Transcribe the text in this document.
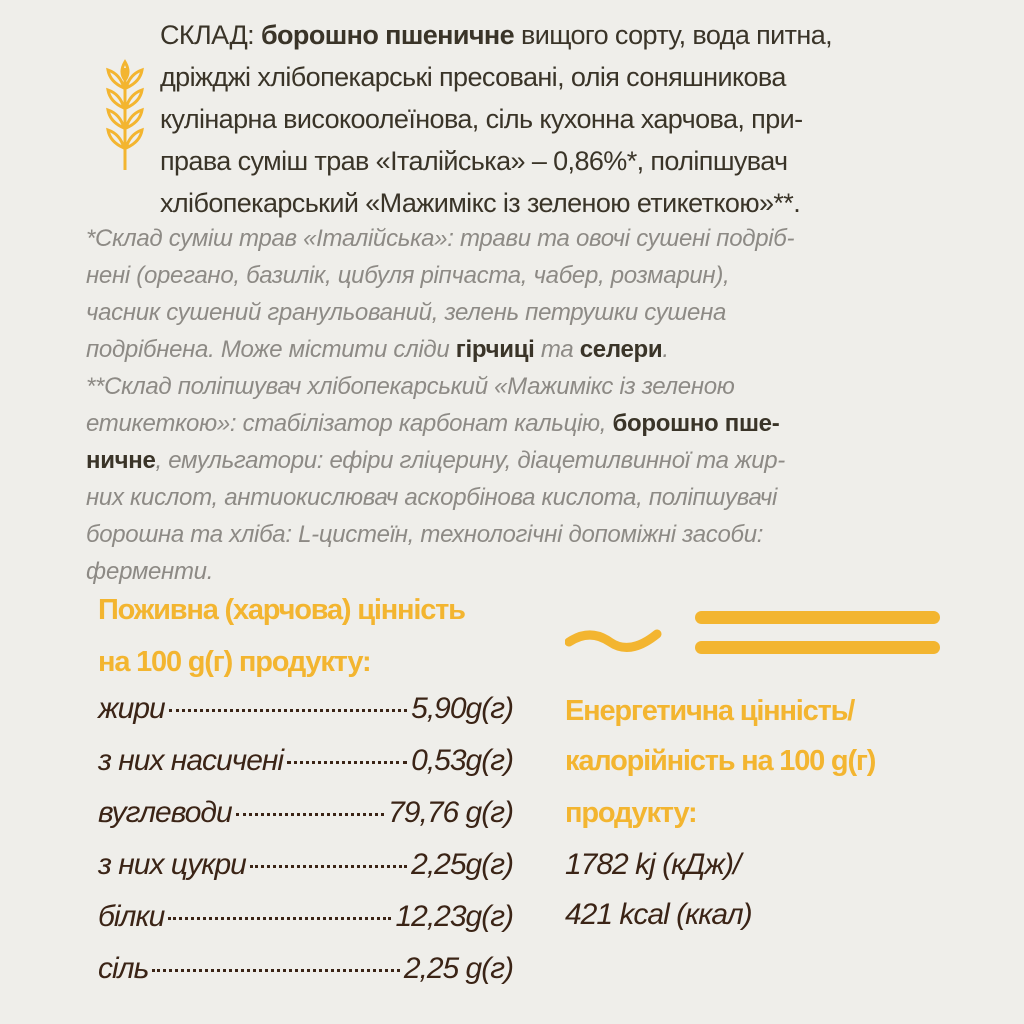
СКЛАД: борошно пшеничне вищого сорту, вода питна,
дріжджі хлібопекарські пресовані, олія соняшникова
кулінарна високоолеїнова, сіль кухонна харчова, при-
права суміш трав «Італійська» – 0,86%*, поліпшувач
хлібопекарський «Мажимікс із зеленою етикеткою»**.
*Склад суміш трав «Італійська»: трави та овочі сушені подріб-
нені (орегано, базилік, цибуля ріпчаста, чабер, розмарин),
часник сушений гранульований, зелень петрушки сушена
подрібнена. Може містити сліди гірчиці та селери.
**Склад поліпшувач хлібопекарський «Мажимікс із зеленою
етикеткою»: стабілізатор карбонат кальцію, борошно пше-
ничне, емульгатори: ефіри гліцерину, діацетилвинної та жир-
них кислот, антиокислювач аскорбінова кислота, поліпшувачі
борошна та хліба: L-цистеїн, технологічні допоміжні засоби:
ферменти.
Поживна (харчова) цінність
на 100 g(г) продукту:
жири	5,90g(г)
з них насичені	0,53g(г)
вуглеводи	79,76 g(г)
з них цукри	2,25g(г)
білки	12,23g(г)
сіль	2,25 g(г)
Енергетична цінність/
калорійність на 100 g(г)
продукту:
1782 kj (кДж)/
421 kcal (ккал)
